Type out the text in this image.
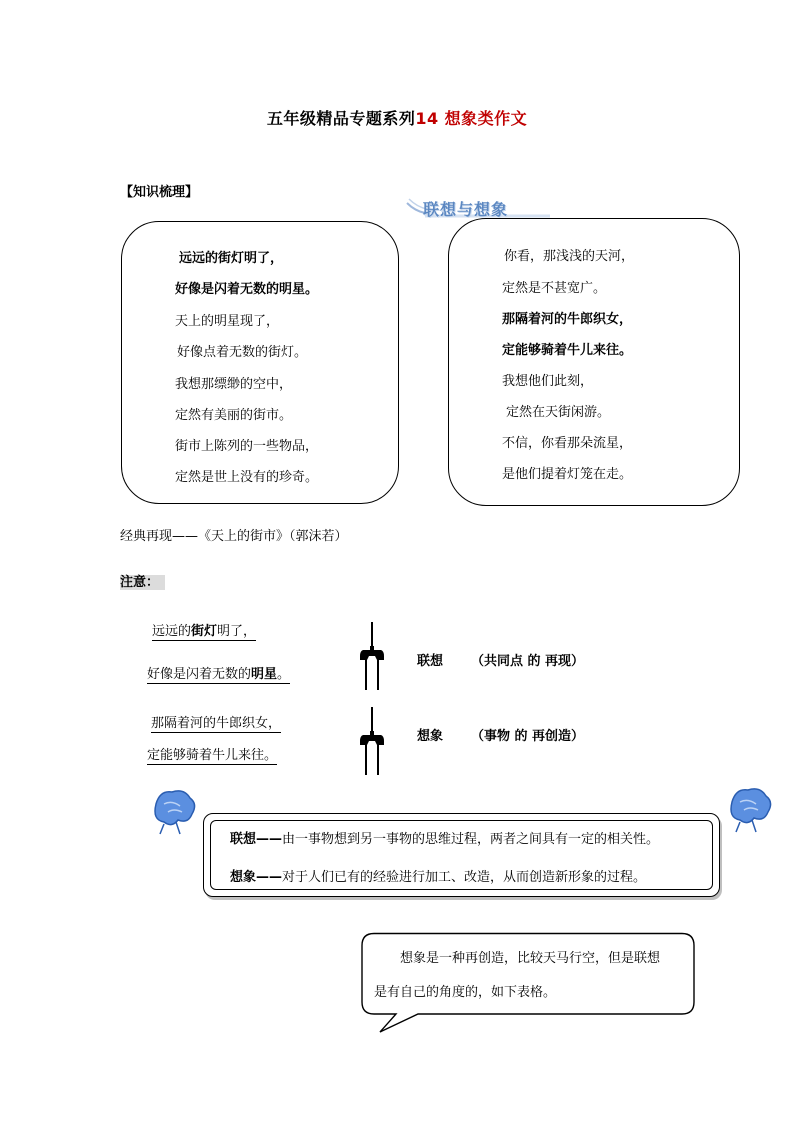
五年级精品专题系列14 想象类作文
【知识梳理】
联想与想象
远远的街灯明了，
好像是闪着无数的明星。
天上的明星现了，
好像点着无数的街灯。
我想那缥缈的空中，
定然有美丽的街市。
街市上陈列的一些物品，
定然是世上没有的珍奇。
你看，那浅浅的天河，
定然是不甚宽广。
那隔着河的牛郎织女，
定能够骑着牛儿来往。
我想他们此刻，
定然在天街闲游。
不信，你看那朵流星，
是他们提着灯笼在走。
经典再现——《天上的街市》（郭沫若）
注意：
远远的街灯明了，
好像是闪着无数的明星。
联想 （共同点 的 再现）
那隔着河的牛郎织女，
定能够骑着牛儿来往。
想象 （事物 的 再创造）
联想——由一事物想到另一事物的思维过程，两者之间具有一定的相关性。
想象——对于人们已有的经验进行加工、改造，从而创造新形象的过程。
想象是一种再创造，比较天马行空，但是联想
是有自己的角度的，如下表格。
